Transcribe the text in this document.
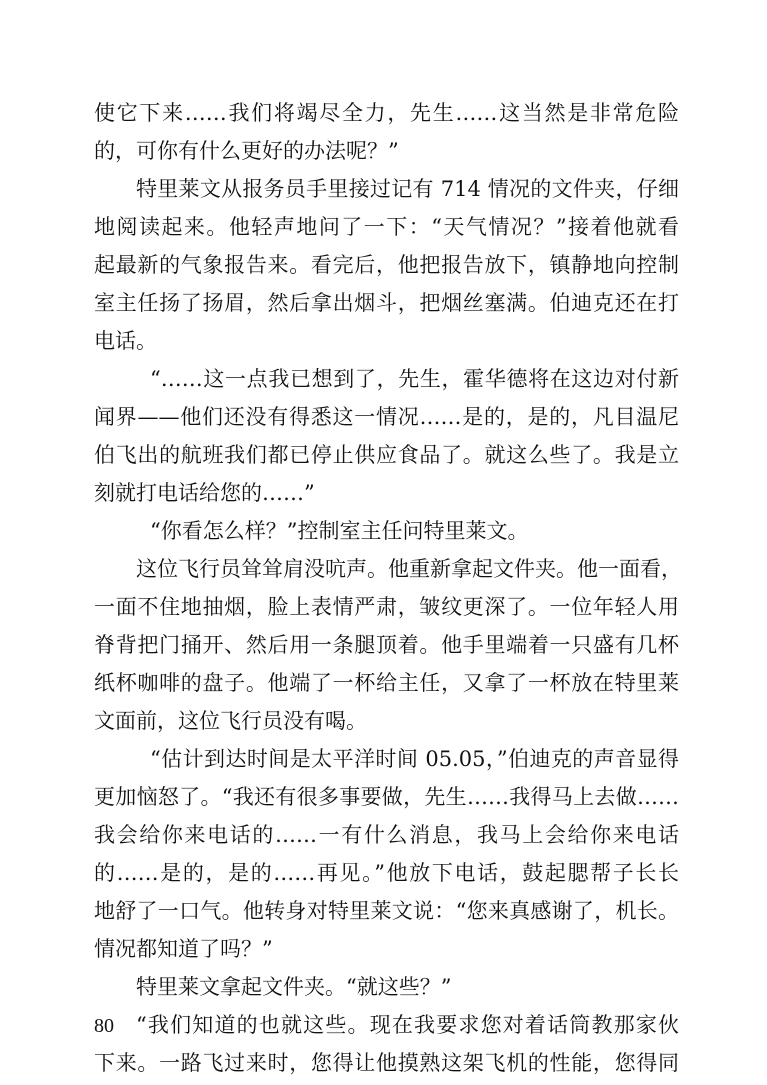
使它下来……我们将竭尽全力，先生……这当然是非常危险
的，可你有什么更好的办法呢？”
特里莱文从报务员手里接过记有 714 情况的文件夹，仔细
地阅读起来。他轻声地问了一下：“天气情况？”接着他就看
起最新的气象报告来。看完后，他把报告放下，镇静地向控制
室主任扬了扬眉，然后拿出烟斗，把烟丝塞满。伯迪克还在打
电话。
“……这一点我已想到了，先生，霍华德将在这边对付新
闻界——他们还没有得悉这一情况……是的，是的，凡目温尼
伯飞出的航班我们都已停止供应食品了。就这么些了。我是立
刻就打电话给您的……”
“你看怎么样？”控制室主任问特里莱文。
这位飞行员耸耸肩没吭声。他重新拿起文件夹。他一面看，
一面不住地抽烟，脸上表情严肃，皱纹更深了。一位年轻人用
脊背把门捅开、然后用一条腿顶着。他手里端着一只盛有几杯
纸杯咖啡的盘子。他端了一杯给主任，又拿了一杯放在特里莱
文面前，这位飞行员没有喝。
“估计到达时间是太平洋时间 05.05，”伯迪克的声音显得
更加恼怒了。“我还有很多事要做，先生……我得马上去做……
我会给你来电话的……一有什么消息，我马上会给你来电话
的……是的，是的……再见。”他放下电话，鼓起腮帮子长长
地舒了一口气。他转身对特里莱文说：“您来真感谢了，机长。
情况都知道了吗？”
特里莱文拿起文件夹。“就这些？”
“我们知道的也就这些。现在我要求您对着话筒教那家伙
下来。一路飞过来时，您得让他摸熟这架飞机的性能，您得同
80
